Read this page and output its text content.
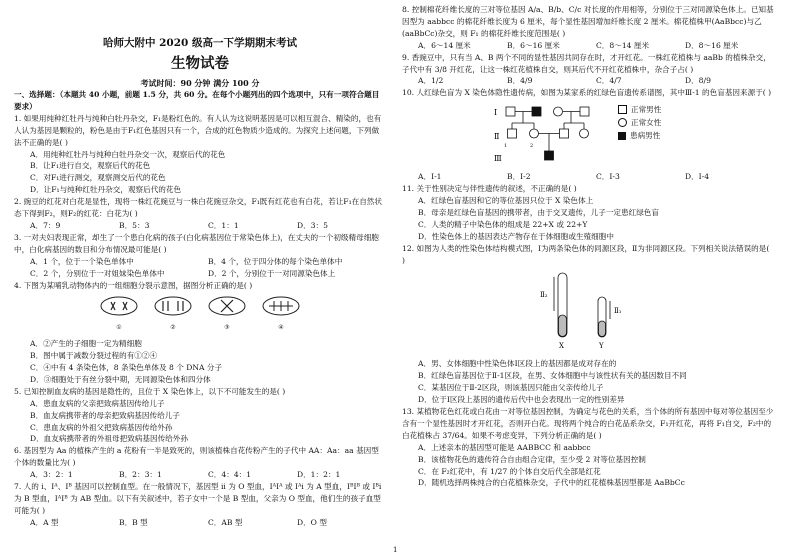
哈师大附中 2020 级高一下学期期末考试
生物试卷
考试时间：90 分钟 满分 100 分
一、选择题：（本题共 40 小题，前题 1.5 分，共 60 分。在每个小题列出的四个选项中，只有一项符合题目要求）

1. 如果用纯种红牡丹与纯种白牡丹杂交，F₁是粉红色的。有人认为这说明基因是可以相互混合、精染的，也有人认为基因是颗粒的，粉色是由于F₁红色基因只有一个，合成的红色物质少造成的。为探究上述问题，下列做法不正确的是( )

A．用纯种红牡丹与纯种白牡丹杂交一次，观察后代的花色
B．让F₁进行自交，观察后代的花色
C．对F₁进行测交，观察测交后代的花色
D．让F₁与纯种红牡丹杂交，观察后代的花色

2. 豌豆的红花对白花是显性，现将一株红花豌豆与一株白花豌豆杂交，F₁既有红花也有白花，若让F₁在自然状态下得到F₂，则F₂的红花：白花为( )

A．7：9	B．5：3	C．1：1	D．3：5

3. 一对夫妇表现正常，却生了一个患白化病的孩子(白化病基因位于常染色体上)，在丈夫的一个初级精母细胞中，白化病基因的数目和分布情况最可能是( )

A．1 个，位于一个染色单体中	B．4 个，位于四分体的每个染色单体中
C．2 个，分别位于一对姐妹染色单体中	D．2 个，分别位于一对同源染色体上

4. 下图为某哺乳动物体内的一组细胞分裂示意图，据图分析正确的是( )

①	②	③	④
A．②产生的子细胞一定为精细胞
B．图中属于减数分裂过程的有①②④
C．④中有 4 条染色体，8 条染色单体及 8 个 DNA 分子
D．③细胞处于有丝分裂中期，无同源染色体和四分体

5. 已知控制血友病的基因是隐性的，且位于 X 染色体上，以下不可能发生的是( )

A．患血友病的父亲把致病基因传给儿子
B．血友病携带者的母亲把致病基因传给儿子
C．患血友病的外祖父把致病基因传给外孙
D．血友病携带者的外祖母把致病基因传给外孙

6. 基因型为 Aa 的植株产生的 a 花粉有一半是致死的，则该植株自花传粉产生的子代中 AA：Aa：aa 基因型个体的数量比为( )

A．3：2：1	B．2：3：1	C．4：4：1	D．1：2：1

7. 人的 i、Iᴬ、Iᴮ 基因可以控制血型。在一般情况下，基因型 ii 为 O 型血，IᴬIᴬ 或 Iᴬi 为 A 型血，IᴮIᴮ 或 Iᴮi 为 B 型血，IᴬIᴮ 为 AB 型血。以下有关叙述中，若子女中一个是 B 型血，父亲为 O 型血，他们生的孩子血型可能为( )

A．A 型	B．B 型	C．AB 型	D．O 型

8. 控制棉花纤维长度的三对等位基因 A/a、B/b、C/c 对长度的作用相等，分别位于三对同源染色体上。已知基因型为 aabbcc 的棉花纤维长度为 6 厘米，每个显性基因增加纤维长度 2 厘米。棉花植株甲(AaBbcc)与乙(aaBbCc)杂交，则 F₁ 的棉花纤维长度范围是( )

A．6～14 厘米	B．6～16 厘米	C．8～14 厘米	D．8～16 厘米

9. 香豌豆中，只有当 A、B 两个不同的显性基因共同存在时，才开红花。一株红花植株与 aaBb 的植株杂交，子代中有 3/8 开红花，让这一株红花植株自交，则其后代不开红花植株中，杂合子占( )

A．1/2	B．4/9	C．4/7	D．8/9

10. 人红绿色盲为 X 染色体隐性遗传病，如图为某家系的红绿色盲遗传系谱图，其中Ⅲ-1 的色盲基因来源于( )

Ⅰ
Ⅱ
Ⅲ
1	2
正常男性
正常女性
患病男性
A．Ⅰ-1	B．Ⅰ-2	C．Ⅰ-3	D．Ⅰ-4

11. 关于性别决定与伴性遗传的叙述，不正确的是( )

A．红绿色盲基因和它的等位基因只位于 X 染色体上
B．母亲是红绿色盲基因的携带者，由于交叉遗传，儿子一定患红绿色盲
C．人类的精子中染色体的组成是 22+X 或 22+Y
D．性染色体上的基因表达产物存在于体细胞或生殖细胞中

12. 如图为人类的性染色体结构模式图，Ⅰ为两条染色体的同源区段，Ⅱ为非同源区段。下列相关说法错误的是( )

Ⅱ₂
Ⅱ₁
X	Y
A．男、女体细胞中性染色体Ⅰ区段上的基因都是成对存在的
B．红绿色盲基因位于Ⅱ-1区段，在男、女体细胞中与该性状有关的基因数目不同
C．某基因位于Ⅱ-2区段，则该基因只能由父亲传给儿子
D．位于Ⅰ区段上基因的遗传后代中也会表现出一定的性别差异

13. 某植物花色红花或白花由一对等位基因控制，为确定与花色的关系，当个体的所有基因中每对等位基因至少含有一个显性基因时才开红花，否则开白花。现将两个纯合的白花品系杂交，F₁开红花，再将 F₁自交，F₂中的白花植株占 37/64。如果不考虑变异，下列分析正确的是( )

A．上述亲本的基因型可能是 AABBCC 和 aabbcc
B．该植物花色的遗传符合自由组合定律，至少受 2 对等位基因控制
C．在 F₂红花中，有 1/27 的个体自交后代全部是红花
D．随机选择两株纯合的白花植株杂交，子代中的红花植株基因型都是 AaBbCc
1
